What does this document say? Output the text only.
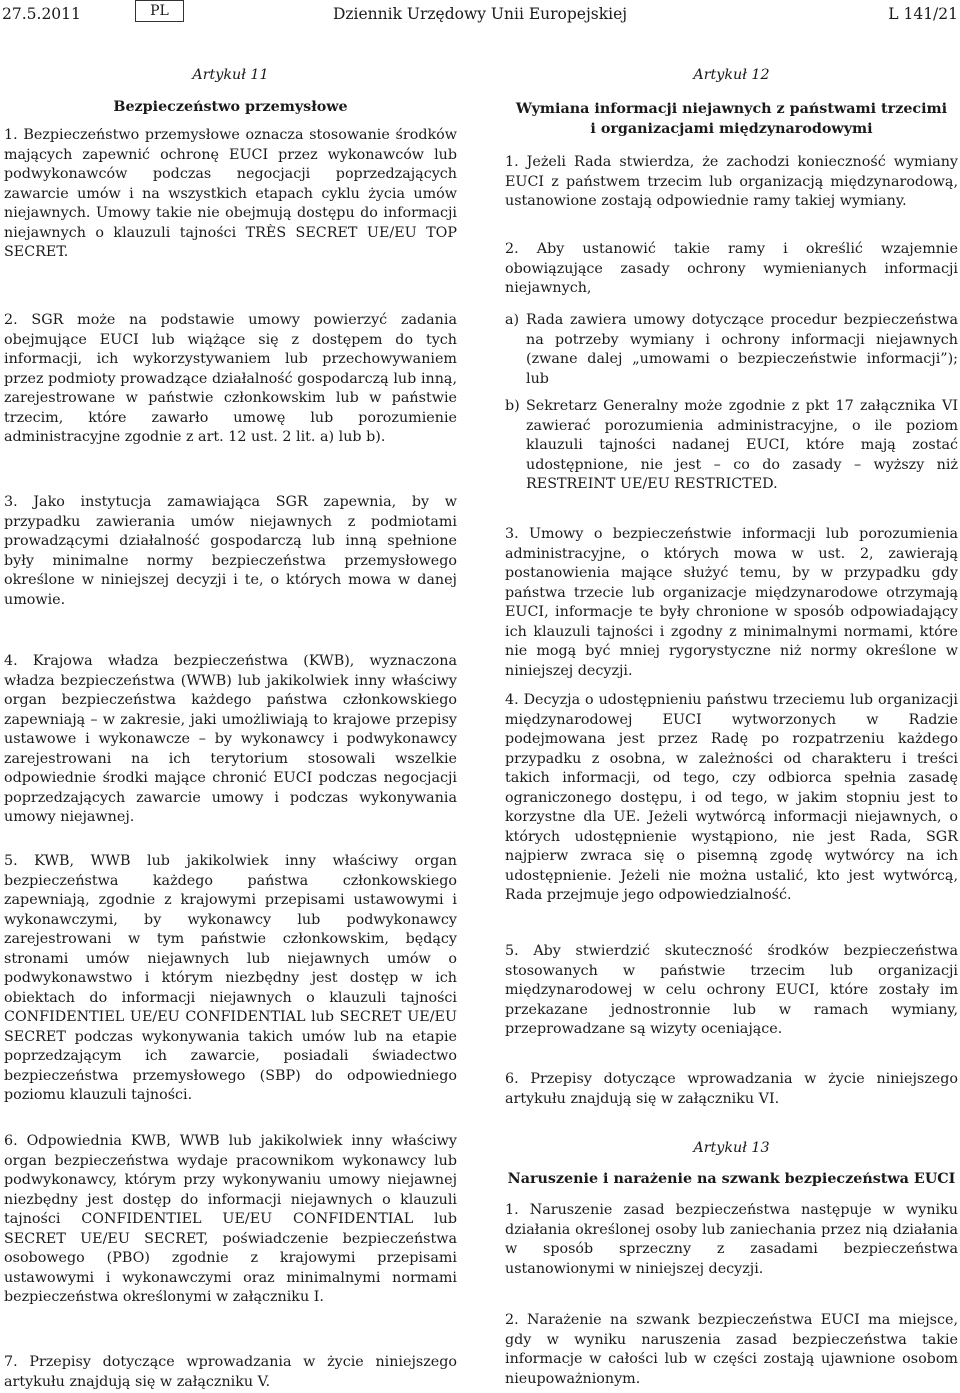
27.5.2011	PL	Dziennik Urzędowy Unii Europejskiej	L 141/21
Artykuł 11
Bezpieczeństwo przemysłowe

1. Bezpieczeństwo przemysłowe oznacza stosowanie środków mających zapewnić ochronę EUCI przez wykonawców lub podwykonawców podczas negocjacji poprzedzających zawarcie umów i na wszystkich etapach cyklu życia umów niejawnych. Umowy takie nie obejmują dostępu do informacji niejawnych o klauzuli tajności TRÈS SECRET UE/EU TOP SECRET.

2. SGR może na podstawie umowy powierzyć zadania obejmujące EUCI lub wiążące się z dostępem do tych informacji, ich wykorzystywaniem lub przechowywaniem przez podmioty prowadzące działalność gospodarczą lub inną, zarejestrowane w państwie członkowskim lub w państwie trzecim, które zawarło umowę lub porozumienie administracyjne zgodnie z art. 12 ust. 2 lit. a) lub b).

3. Jako instytucja zamawiająca SGR zapewnia, by w przypadku zawierania umów niejawnych z podmiotami prowadzącymi działalność gospodarczą lub inną spełnione były minimalne normy bezpieczeństwa przemysłowego określone w niniejszej decyzji i te, o których mowa w danej umowie.

4. Krajowa władza bezpieczeństwa (KWB), wyznaczona władza bezpieczeństwa (WWB) lub jakikolwiek inny właściwy organ bezpieczeństwa każdego państwa członkowskiego zapewniają – w zakresie, jaki umożliwiają to krajowe przepisy ustawowe i wykonawcze – by wykonawcy i podwykonawcy zarejestrowani na ich terytorium stosowali wszelkie odpowiednie środki mające chronić EUCI podczas negocjacji poprzedzających zawarcie umowy i podczas wykonywania umowy niejawnej.

5. KWB, WWB lub jakikolwiek inny właściwy organ bezpieczeństwa każdego państwa członkowskiego zapewniają, zgodnie z krajowymi przepisami ustawowymi i wykonawczymi, by wykonawcy lub podwykonawcy zarejestrowani w tym państwie członkowskim, będący stronami umów niejawnych lub niejawnych umów o podwykonawstwo i którym niezbędny jest dostęp w ich obiektach do informacji niejawnych o klauzuli tajności CONFIDENTIEL UE/EU CONFIDENTIAL lub SECRET UE/EU SECRET podczas wykonywania takich umów lub na etapie poprzedzającym ich zawarcie, posiadali świadectwo bezpieczeństwa przemysłowego (SBP) do odpowiedniego poziomu klauzuli tajności.

6. Odpowiednia KWB, WWB lub jakikolwiek inny właściwy organ bezpieczeństwa wydaje pracownikom wykonawcy lub podwykonawcy, którym przy wykonywaniu umowy niejawnej niezbędny jest dostęp do informacji niejawnych o klauzuli tajności CONFIDENTIEL UE/EU CONFIDENTIAL lub SECRET UE/EU SECRET, poświadczenie bezpieczeństwa osobowego (PBO) zgodnie z krajowymi przepisami ustawowymi i wykonawczymi oraz minimalnymi normami bezpieczeństwa określonymi w załączniku I.

7. Przepisy dotyczące wprowadzania w życie niniejszego artykułu znajdują się w załączniku V.

Artykuł 12
Wymiana informacji niejawnych z państwami trzecimi
i organizacjami międzynarodowymi

1. Jeżeli Rada stwierdza, że zachodzi konieczność wymiany EUCI z państwem trzecim lub organizacją międzynarodową, ustanowione zostają odpowiednie ramy takiej wymiany.

2. Aby ustanowić takie ramy i określić wzajemnie obowiązujące zasady ochrony wymienianych informacji niejawnych,

a) Rada zawiera umowy dotyczące procedur bezpieczeństwa na potrzeby wymiany i ochrony informacji niejawnych (zwane dalej „umowami o bezpieczeństwie informacji”); lub
b) Sekretarz Generalny może zgodnie z pkt 17 załącznika VI zawierać porozumienia administracyjne, o ile poziom klauzuli tajności nadanej EUCI, które mają zostać udostępnione, nie jest – co do zasady – wyższy niż RESTREINT UE/EU RESTRICTED.

3. Umowy o bezpieczeństwie informacji lub porozumienia administracyjne, o których mowa w ust. 2, zawierają postanowienia mające służyć temu, by w przypadku gdy państwa trzecie lub organizacje międzynarodowe otrzymają EUCI, informacje te były chronione w sposób odpowiadający ich klauzuli tajności i zgodny z minimalnymi normami, które nie mogą być mniej rygorystyczne niż normy określone w niniejszej decyzji.

4. Decyzja o udostępnieniu państwu trzeciemu lub organizacji międzynarodowej EUCI wytworzonych w Radzie podejmowana jest przez Radę po rozpatrzeniu każdego przypadku z osobna, w zależności od charakteru i treści takich informacji, od tego, czy odbiorca spełnia zasadę ograniczonego dostępu, i od tego, w jakim stopniu jest to korzystne dla UE. Jeżeli wytwórcą informacji niejawnych, o których udostępnienie wystąpiono, nie jest Rada, SGR najpierw zwraca się o pisemną zgodę wytwórcy na ich udostępnienie. Jeżeli nie można ustalić, kto jest wytwórcą, Rada przejmuje jego odpowiedzialność.

5. Aby stwierdzić skuteczność środków bezpieczeństwa stosowanych w państwie trzecim lub organizacji międzynarodowej w celu ochrony EUCI, które zostały im przekazane jednostronnie lub w ramach wymiany, przeprowadzane są wizyty oceniające.

6. Przepisy dotyczące wprowadzania w życie niniejszego artykułu znajdują się w załączniku VI.

Artykuł 13
Naruszenie i narażenie na szwank bezpieczeństwa EUCI

1. Naruszenie zasad bezpieczeństwa następuje w wyniku działania określonej osoby lub zaniechania przez nią działania w sposób sprzeczny z zasadami bezpieczeństwa ustanowionymi w niniejszej decyzji.

2. Narażenie na szwank bezpieczeństwa EUCI ma miejsce, gdy w wyniku naruszenia zasad bezpieczeństwa takie informacje w całości lub w części zostają ujawnione osobom nieupoważnionym.
